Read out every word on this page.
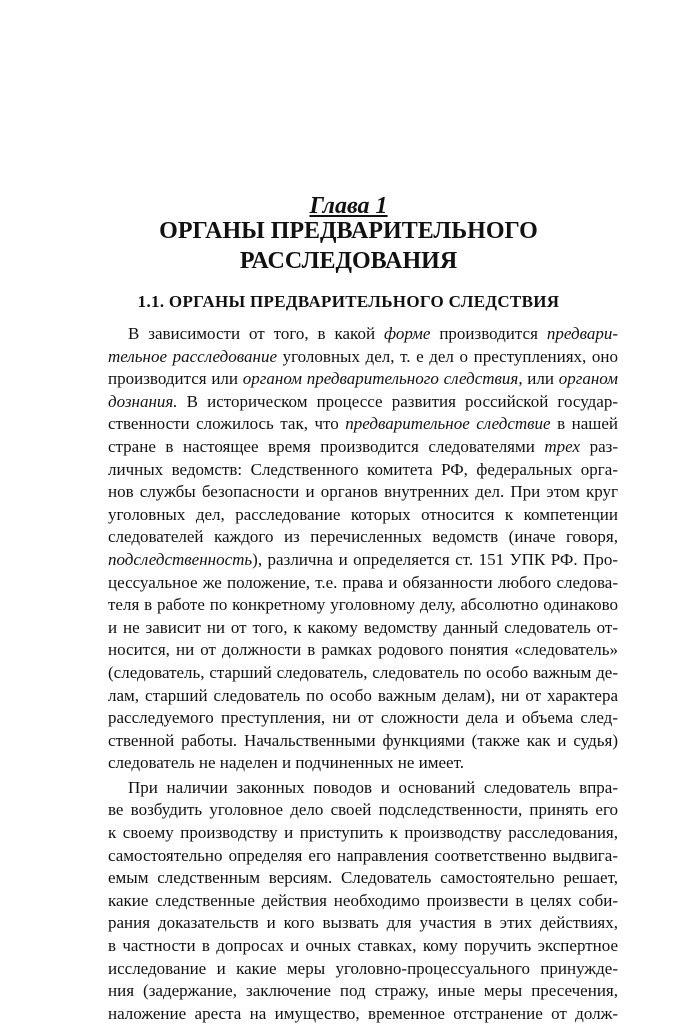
Глава 1
ОРГАНЫ ПРЕДВАРИТЕЛЬНОГО
РАССЛЕДОВАНИЯ
1.1. ОРГАНЫ ПРЕДВАРИТЕЛЬНОГО СЛЕДСТВИЯ
В зависимости от того, в какой форме производится предвари-
тельное расследование уголовных дел, т. е дел о преступлениях, оно
производится или органом предварительного следствия, или органом
дознания. В историческом процессе развития российской государ-
ственности сложилось так, что предварительное следствие в нашей
стране в настоящее время производится следователями трех раз-
личных ведомств: Следственного комитета РФ, федеральных орга-
нов службы безопасности и органов внутренних дел. При этом круг
уголовных дел, расследование которых относится к компетенции
следователей каждого из перечисленных ведомств (иначе говоря,
подследственность), различна и определяется ст. 151 УПК РФ. Про-
цессуальное же положение, т.е. права и обязанности любого следова-
теля в работе по конкретному уголовному делу, абсолютно одинаково
и не зависит ни от того, к какому ведомству данный следователь от-
носится, ни от должности в рамках родового понятия «следователь»
(следователь, старший следователь, следователь по особо важным де-
лам, старший следователь по особо важным делам), ни от характера
расследуемого преступления, ни от сложности дела и объема след-
ственной работы. Начальственными функциями (также как и судья)
следователь не наделен и подчиненных не имеет.
При наличии законных поводов и оснований следователь впра-
ве возбудить уголовное дело своей подследственности, принять его
к своему производству и приступить к производству расследования,
самостоятельно определяя его направления соответственно выдвига-
емым следственным версиям. Следователь самостоятельно решает,
какие следственные действия необходимо произвести в целях соби-
рания доказательств и кого вызвать для участия в этих действиях,
в частности в допросах и очных ставках, кому поручить экспертное
исследование и какие меры уголовно-процессуального принужде-
ния (задержание, заключение под стражу, иные меры пресечения,
наложение ареста на имущество, временное отстранение от долж-
